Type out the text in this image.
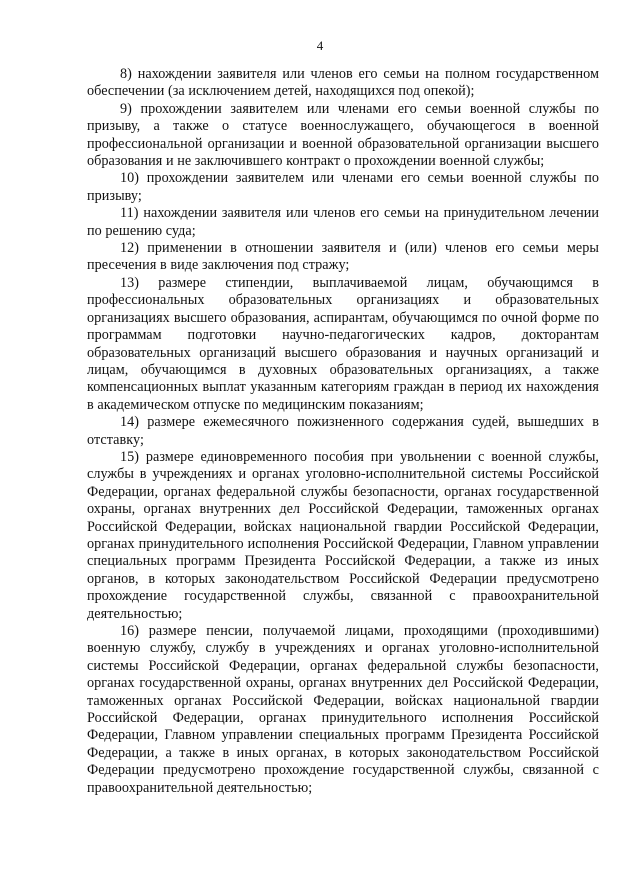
4

8) нахождении заявителя или членов его семьи на полном государственном обеспечении (за исключением детей, находящихся под опекой);

9) прохождении заявителем или членами его семьи военной службы по призыву, а также о статусе военнослужащего, обучающегося в военной профессиональной организации и военной образовательной организации высшего образования и не заключившего контракт о прохождении военной службы;

10) прохождении заявителем или членами его семьи военной службы по призыву;

11) нахождении заявителя или членов его семьи на принудительном лечении по решению суда;

12) применении в отношении заявителя и (или) членов его семьи меры пресечения в виде заключения под стражу;

13) размере стипендии, выплачиваемой лицам, обучающимся в профессиональных образовательных организациях и образовательных организациях высшего образования, аспирантам, обучающимся по очной форме по программам подготовки научно-педагогических кадров, докторантам образовательных организаций высшего образования и научных организаций и лицам, обучающимся в духовных образовательных организациях, а также компенсационных выплат указанным категориям граждан в период их нахождения в академическом отпуске по медицинским показаниям;

14) размере ежемесячного пожизненного содержания судей, вышедших в отставку;

15) размере единовременного пособия при увольнении с военной службы, службы в учреждениях и органах уголовно-исполнительной системы Российской Федерации, органах федеральной службы безопасности, органах государственной охраны, органах внутренних дел Российской Федерации, таможенных органах Российской Федерации, войсках национальной гвардии Российской Федерации, органах принудительного исполнения Российской Федерации, Главном управлении специальных программ Президента Российской Федерации, а также из иных органов, в которых законодательством Российской Федерации предусмотрено прохождение государственной службы, связанной с правоохранительной деятельностью;

16) размере пенсии, получаемой лицами, проходящими (проходившими) военную службу, службу в учреждениях и органах уголовно-исполнительной системы Российской Федерации, органах федеральной службы безопасности, органах государственной охраны, органах внутренних дел Российской Федерации, таможенных органах Российской Федерации, войсках национальной гвардии Российской Федерации, органах принудительного исполнения Российской Федерации, Главном управлении специальных программ Президента Российской Федерации, а также в иных органах, в которых законодательством Российской Федерации предусмотрено прохождение государственной службы, связанной с правоохранительной деятельностью;
